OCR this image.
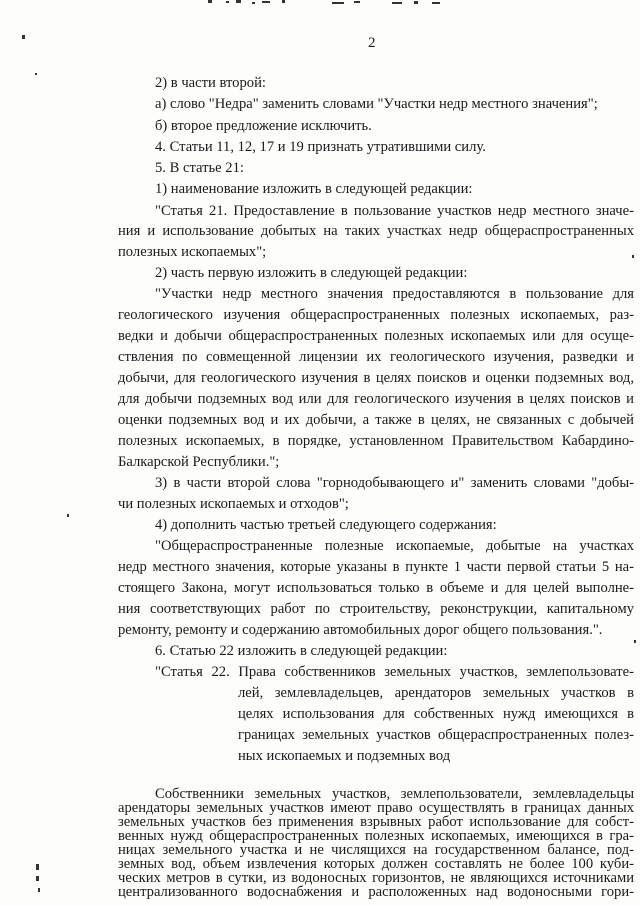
2
2) в части второй:
а) слово "Недра" заменить словами "Участки недр местного значения";
б) второе предложение исключить.
4. Статьи 11, 12, 17 и 19 признать утратившими силу.
5. В статье 21:
1) наименование изложить в следующей редакции:
"Статья 21. Предоставление в пользование участков недр местного значе-
ния и использование добытых на таких участках недр общераспространенных
полезных ископаемых";
2) часть первую изложить в следующей редакции:
"Участки недр местного значения предоставляются в пользование для
геологического изучения общераспространенных полезных ископаемых, раз-
ведки и добычи общераспространенных полезных ископаемых или для осуще-
ствления по совмещенной лицензии их геологического изучения, разведки и
добычи, для геологического изучения в целях поисков и оценки подземных вод,
для добычи подземных вод или для геологического изучения в целях поисков и
оценки подземных вод и их добычи, а также в целях, не связанных с добычей
полезных ископаемых, в порядке, установленном Правительством Кабардино-
Балкарской Республики.";
3) в части второй слова "горнодобывающего и" заменить словами "добы-
чи полезных ископаемых и отходов";
4) дополнить частью третьей следующего содержания:
"Общераспространенные полезные ископаемые, добытые на участках
недр местного значения, которые указаны в пункте 1 части первой статьи 5 на-
стоящего Закона, могут использоваться только в объеме и для целей выполне-
ния соответствующих работ по строительству, реконструкции, капитальному
ремонту, ремонту и содержанию автомобильных дорог общего пользования.".
6. Статью 22 изложить в следующей редакции:
"Статья 22. Права собственников земельных участков, землепользовате-
лей, землевладельцев, арендаторов земельных участков в
целях использования для собственных нужд имеющихся в
границах земельных участков общераспространенных полез-
ных ископаемых и подземных вод
Собственники земельных участков, землепользователи, землевладельцы
арендаторы земельных участков имеют право осуществлять в границах данных
земельных участков без применения взрывных работ использование для собст-
венных нужд общераспространенных полезных ископаемых, имеющихся в гра-
ницах земельного участка и не числящихся на государственном балансе, под-
земных вод, объем извлечения которых должен составлять не более 100 куби-
ческих метров в сутки, из водоносных горизонтов, не являющихся источниками
централизованного водоснабжения и расположенных над водоносными гори-
